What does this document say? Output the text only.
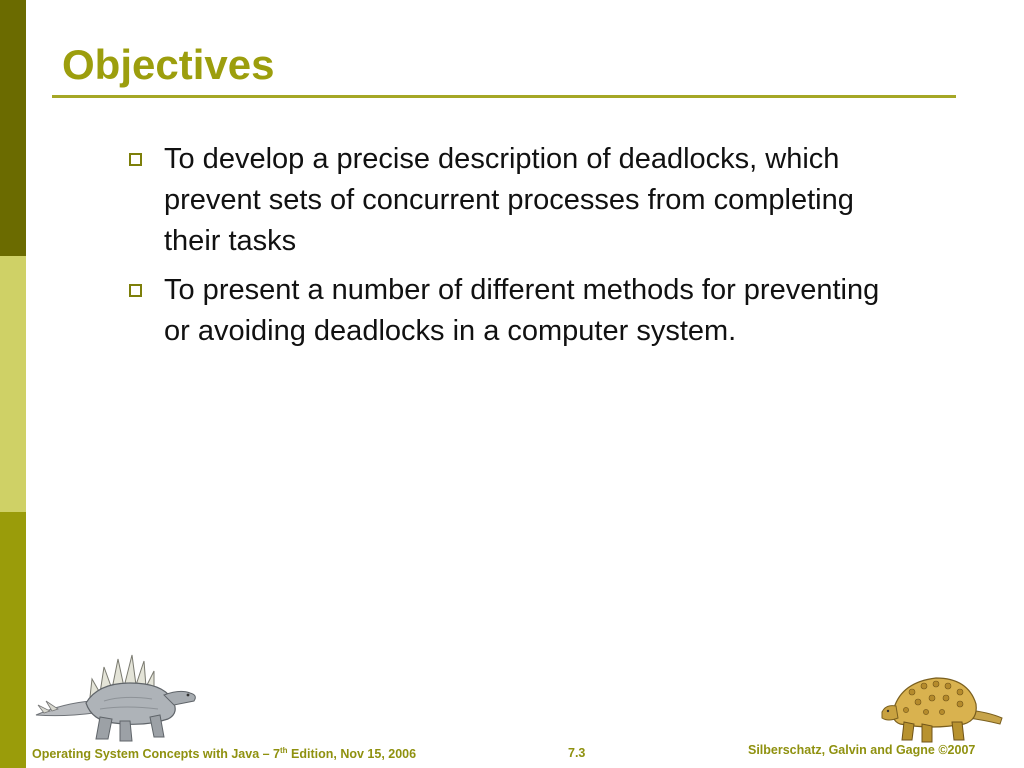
Objectives
To develop a precise description of deadlocks, which prevent sets of concurrent processes from completing their tasks
To present a number of different methods for preventing or avoiding deadlocks in a computer system.
Operating System Concepts with Java – 7th Edition, Nov 15, 2006	7.3	Silberschatz, Galvin and Gagne ©2007
